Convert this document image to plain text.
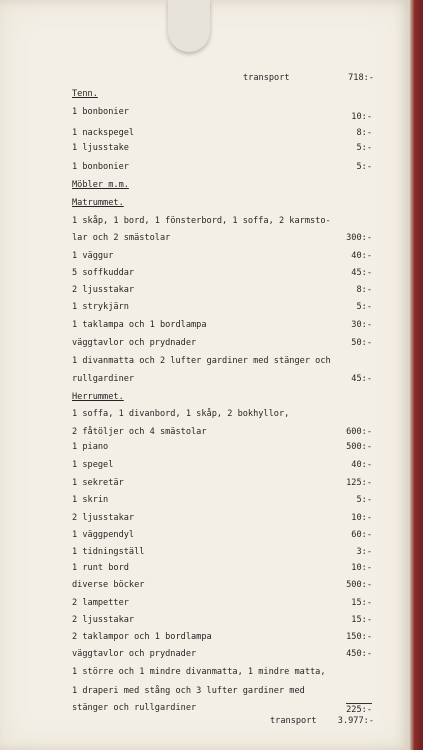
transport	718:-
Tenn.
1 bonbonier	10:-
1 nackspegel	8:-
1 ljusstake	5:-
1 bonbonier	5:-
Möbler m.m.
Matrummet.
1 skåp, 1 bord, 1 fönsterbord, 1 soffa, 2 karmsto-
lar och 2 smästolar	300:-
1 väggur	40:-
5 soffkuddar	45:-
2 ljusstakar	8:-
1 strykjärn	5:-
1 taklampa och 1 bordlampa	30:-
väggtavlor och prydnader	50:-
1 divanmatta och 2 lufter gardiner med stänger och
rullgardiner	45:-
Herrummet.
1 soffa, 1 divanbord, 1 skåp, 2 bokhyllor,
2 fåtöljer och 4 smästolar	600:-
1 piano	500:-
1 spegel	40:-
1 sekretär	125:-
1 skrin	5:-
2 ljusstakar	10:-
1 väggpendyl	60:-
1 tidningställ	3:-
1 runt bord	10:-
diverse böcker	500:-
2 lampetter	15:-
2 ljusstakar	15:-
2 taklampor och 1 bordlampa	150:-
väggtavlor och prydnader	450:-
1 större och 1 mindre divanmatta, 1 mindre matta,
1 draperi med stång och 3 lufter gardiner med
stänger och rullgardiner	225:-
transport 3.977:-
